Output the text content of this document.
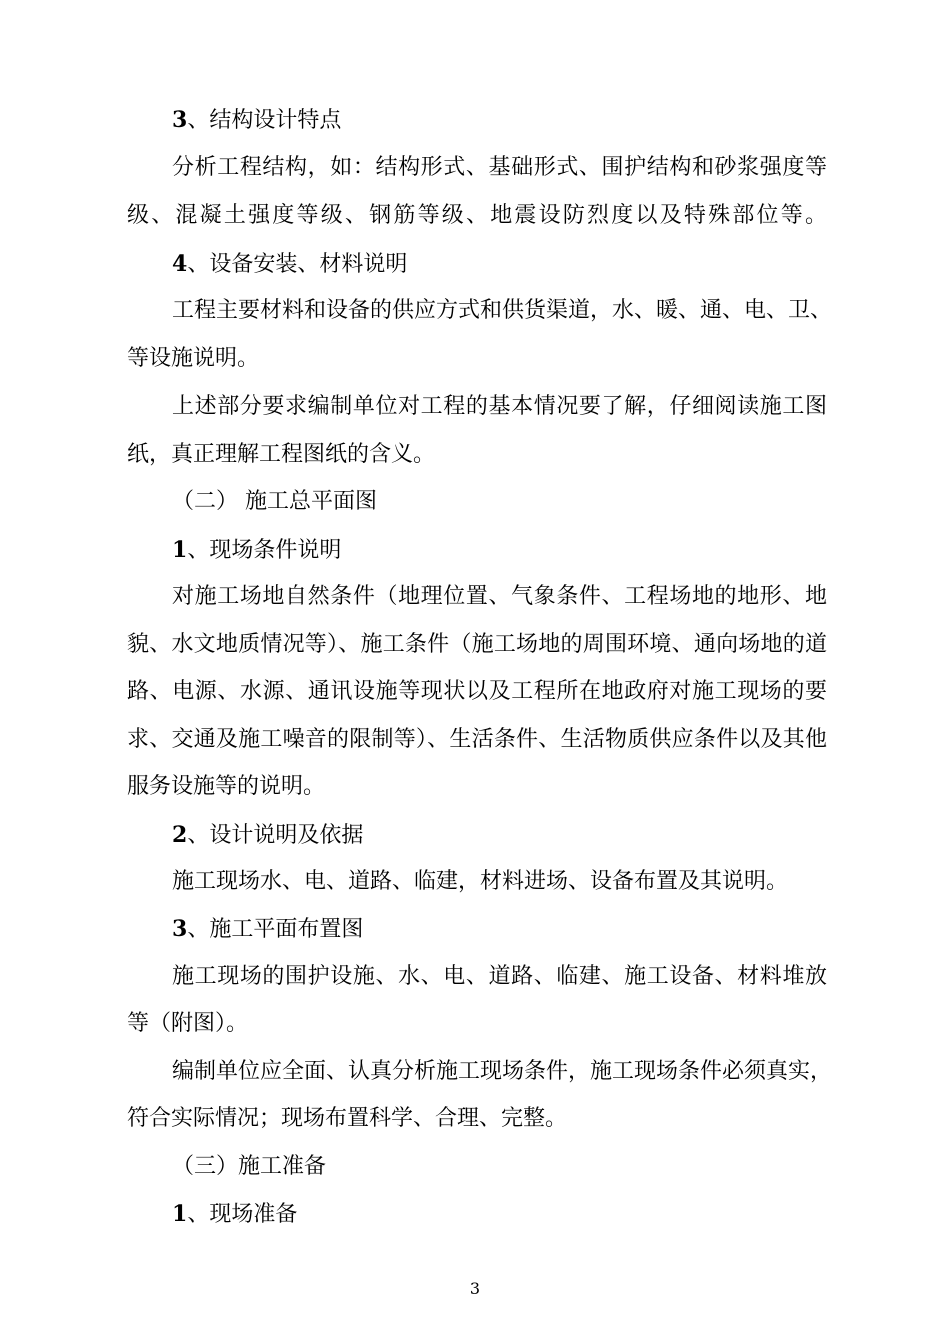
3、结构设计特点
分析工程结构，如：结构形式、基础形式、围护结构和砂浆强度等
级、混凝土强度等级、钢筋等级、地震设防烈度以及特殊部位等。
4、设备安装、材料说明
工程主要材料和设备的供应方式和供货渠道，水、暖、通、电、卫、
等设施说明。
上述部分要求编制单位对工程的基本情况要了解，仔细阅读施工图
纸，真正理解工程图纸的含义。
（二） 施工总平面图
1、现场条件说明
对施工场地自然条件（地理位置、气象条件、工程场地的地形、地
貌、水文地质情况等）、施工条件（施工场地的周围环境、通向场地的道
路、电源、水源、通讯设施等现状以及工程所在地政府对施工现场的要
求、交通及施工噪音的限制等）、生活条件、生活物质供应条件以及其他
服务设施等的说明。
2、设计说明及依据
施工现场水、电、道路、临建，材料进场、设备布置及其说明。
3、施工平面布置图
施工现场的围护设施、水、电、道路、临建、施工设备、材料堆放
等（附图）。
编制单位应全面、认真分析施工现场条件，施工现场条件必须真实，
符合实际情况；现场布置科学、合理、完整。
（三）施工准备
1、现场准备
3
